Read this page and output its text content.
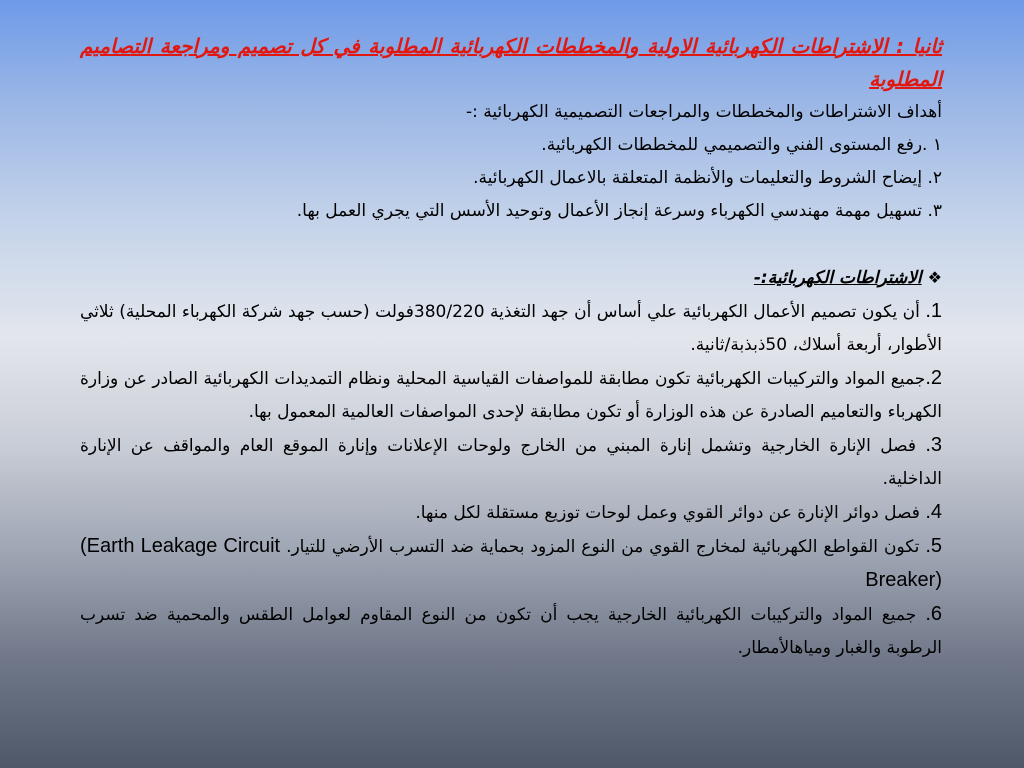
ثانيا : الاشتراطات الكهربائية الاولية والمخططات الكهربائية المطلوبة في كل تصميم ومراجعة التصاميم المطلوبة

أهداف الاشتراطات والمخططات والمراجعات التصميمية الكهربائية :-

١ .رفع المستوى الفني والتصميمي للمخططات الكهربائية.

٢. إيضاح الشروط والتعليمات والأنظمة المتعلقة بالاعمال الكهربائية.

٣. تسهيل مهمة مهندسي الكهرباء وسرعة إنجاز الأعمال وتوحيد الأسس التي يجري العمل بها.

❖الاشتراطات الكهربائية:-

1. أن يكون تصميم الأعمال الكهربائية علي أساس أن جهد التغذية 380/220فولت (حسب جهد شركة الكهرباء المحلية) ثلاثي الأطوار، أربعة أسلاك، 50ذبذبة/ثانية.

2.جميع المواد والتركيبات الكهربائية تكون مطابقة للمواصفات القياسية المحلية ونظام التمديدات الكهربائية الصادر عن وزارة الكهرباء والتعاميم الصادرة عن هذه الوزارة أو تكون مطابقة لإحدى المواصفات العالمية المعمول بها.

3. فصل الإنارة الخارجية وتشمل إنارة المبني من الخارج ولوحات الإعلانات وإنارة الموقع العام والمواقف عن الإنارة الداخلية.

4. فصل دوائر الإنارة عن دوائر القوي وعمل لوحات توزيع مستقلة لكل منها.

5. تكون القواطع الكهربائية لمخارج القوي من النوع المزود بحماية ضد التسرب الأرضي للتيار. (Earth Leakage Circuit Breaker)

6. جميع المواد والتركيبات الكهربائية الخارجية يجب أن تكون من النوع المقاوم لعوامل الطقس والمحمية ضد تسرب الرطوبة والغبار ومياهالأمطار.
